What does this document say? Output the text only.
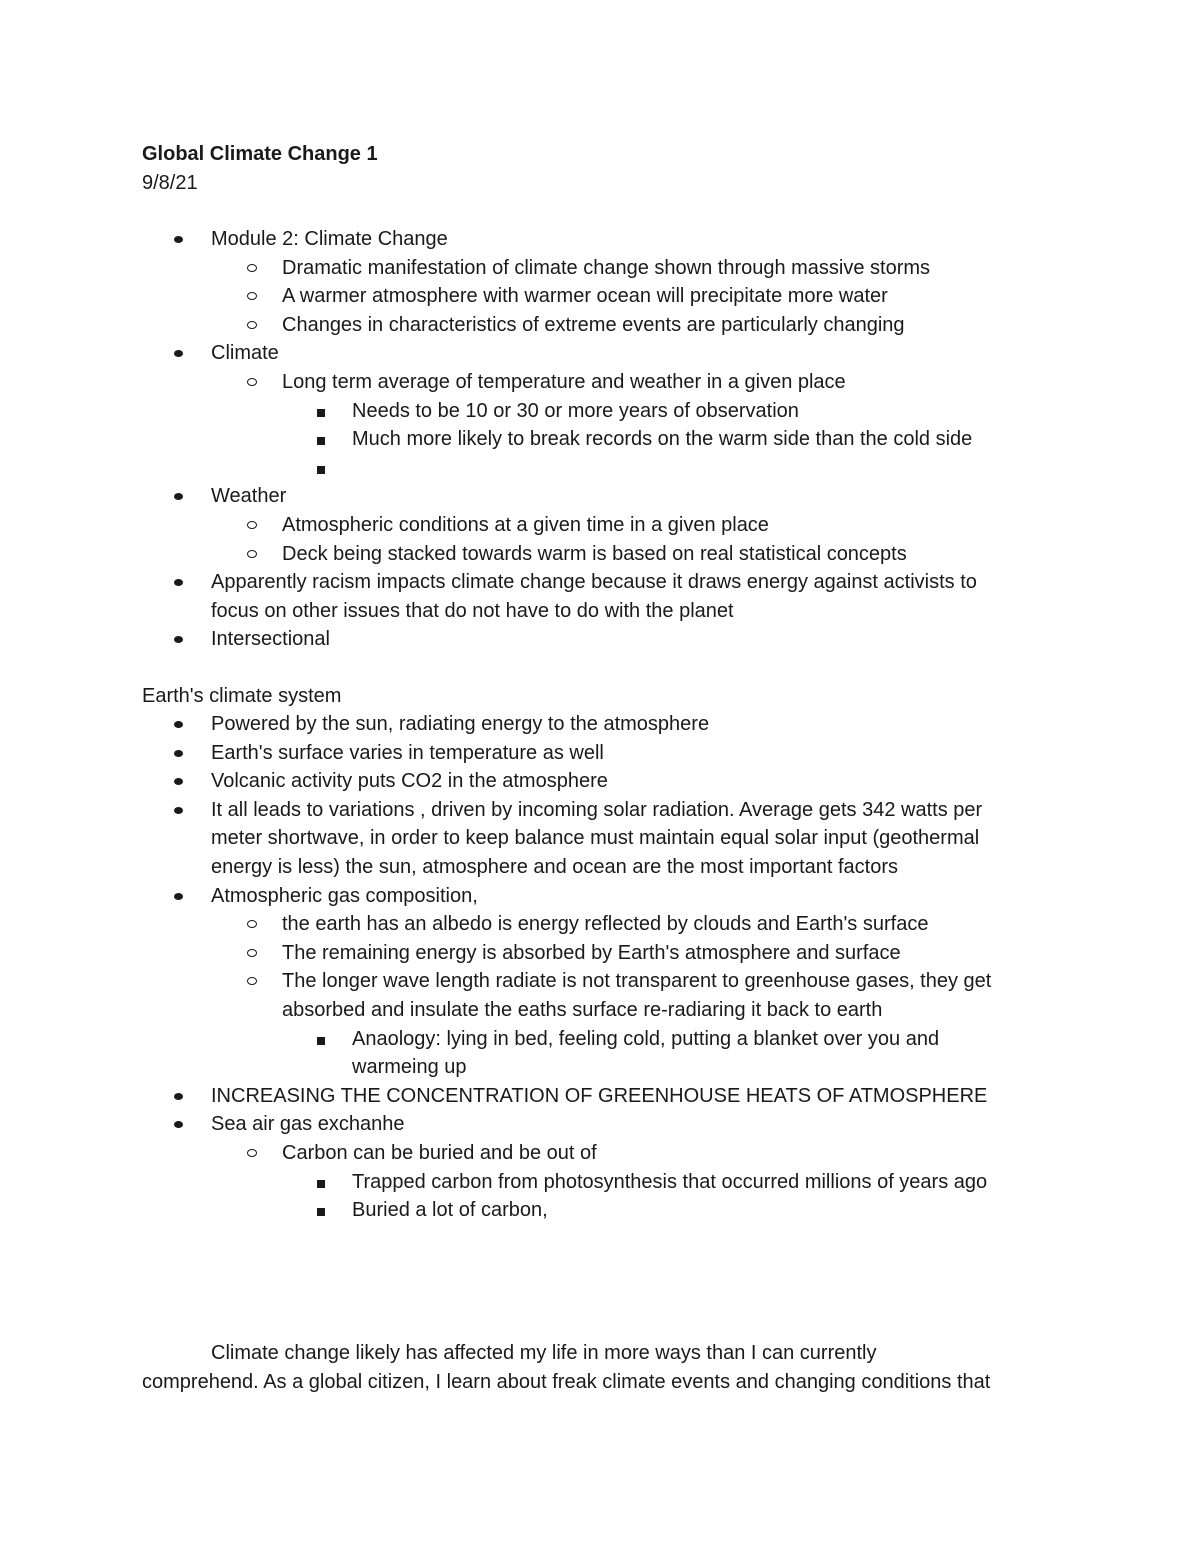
Global Climate Change 1
9/8/21
Module 2: Climate Change
Dramatic manifestation of climate change shown through massive storms
A warmer atmosphere with warmer ocean will precipitate more water
Changes in characteristics of extreme events are particularly changing
Climate
Long term average of temperature and weather in a given place
Needs to be 10 or 30 or more years of observation
Much more likely to break records on the warm side than the cold side
Weather
Atmospheric conditions at a given time in a given place
Deck being stacked towards warm is based on real statistical concepts
Apparently racism impacts climate change because it draws energy against activists to
focus on other issues that do not have to do with the planet
Intersectional
Earth's climate system
Powered by the sun, radiating energy to the atmosphere
Earth's surface varies in temperature as well
Volcanic activity puts CO2 in the atmosphere
It all leads to variations , driven by incoming solar radiation. Average gets 342 watts per
meter shortwave, in order to keep balance must maintain equal solar input (geothermal
energy is less) the sun, atmosphere and ocean are the most important factors
Atmospheric gas composition,
the earth has an albedo is energy reflected by clouds and Earth's surface
The remaining energy is absorbed by Earth's atmosphere and surface
The longer wave length radiate is not transparent to greenhouse gases, they get
absorbed and insulate the eaths surface re-radiaring it back to earth
Anaology: lying in bed, feeling cold, putting a blanket over you and
warmeing up
INCREASING THE CONCENTRATION OF GREENHOUSE HEATS OF ATMOSPHERE
Sea air gas exchanhe
Carbon can be buried and be out of
Trapped carbon from photosynthesis that occurred millions of years ago
Buried a lot of carbon,
Climate change likely has affected my life in more ways than I can currently
comprehend. As a global citizen, I learn about freak climate events and changing conditions that
